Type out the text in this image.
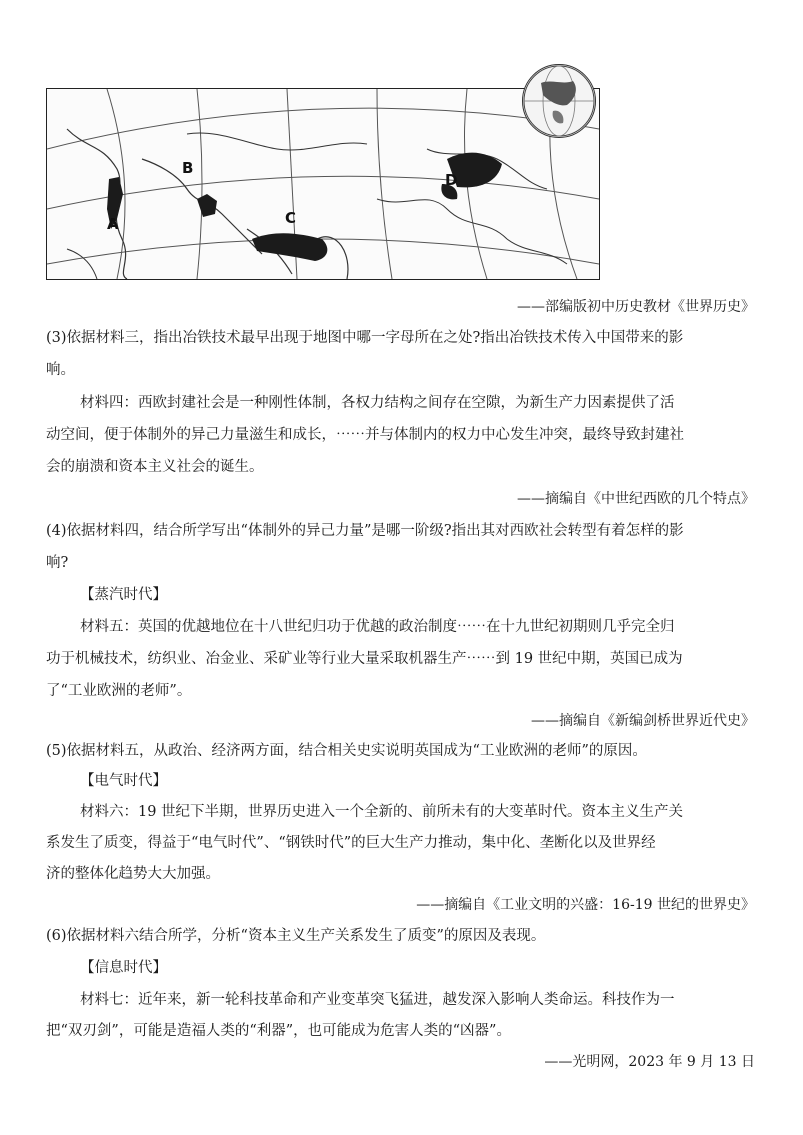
A
B
C
D
——部编版初中历史教材《世界历史》
(3)依据材料三，指出冶铁技术最早出现于地图中哪一字母所在之处?指出冶铁技术传入中国带来的影
响。
材料四：西欧封建社会是一种刚性体制，各权力结构之间存在空隙，为新生产力因素提供了活
动空间，便于体制外的异己力量滋生和成长，⋯⋯并与体制内的权力中心发生冲突，最终导致封建社
会的崩溃和资本主义社会的诞生。
——摘编自《中世纪西欧的几个特点》
(4)依据材料四，结合所学写出“体制外的异己力量”是哪一阶级?指出其对西欧社会转型有着怎样的影
响?
【蒸汽时代】
材料五：英国的优越地位在十八世纪归功于优越的政治制度⋯⋯在十九世纪初期则几乎完全归
功于机械技术，纺织业、冶金业、采矿业等行业大量采取机器生产⋯⋯到 19 世纪中期，英国已成为
了“工业欧洲的老师”。
——摘编自《新编剑桥世界近代史》
(5)依据材料五，从政治、经济两方面，结合相关史实说明英国成为“工业欧洲的老师”的原因。
【电气时代】
材料六：19 世纪下半期，世界历史进入一个全新的、前所未有的大变革时代。资本主义生产关
系发生了质变，得益于“电气时代”、“钢铁时代”的巨大生产力推动，集中化、垄断化以及世界经
济的整体化趋势大大加强。
——摘编自《工业文明的兴盛：16-19 世纪的世界史》
(6)依据材料六结合所学，分析“资本主义生产关系发生了质变”的原因及表现。
【信息时代】
材料七：近年来，新一轮科技革命和产业变革突飞猛进，越发深入影响人类命运。科技作为一
把“双刃剑”，可能是造福人类的“利器”，也可能成为危害人类的“凶器”。
——光明网，2023 年 9 月 13 日
